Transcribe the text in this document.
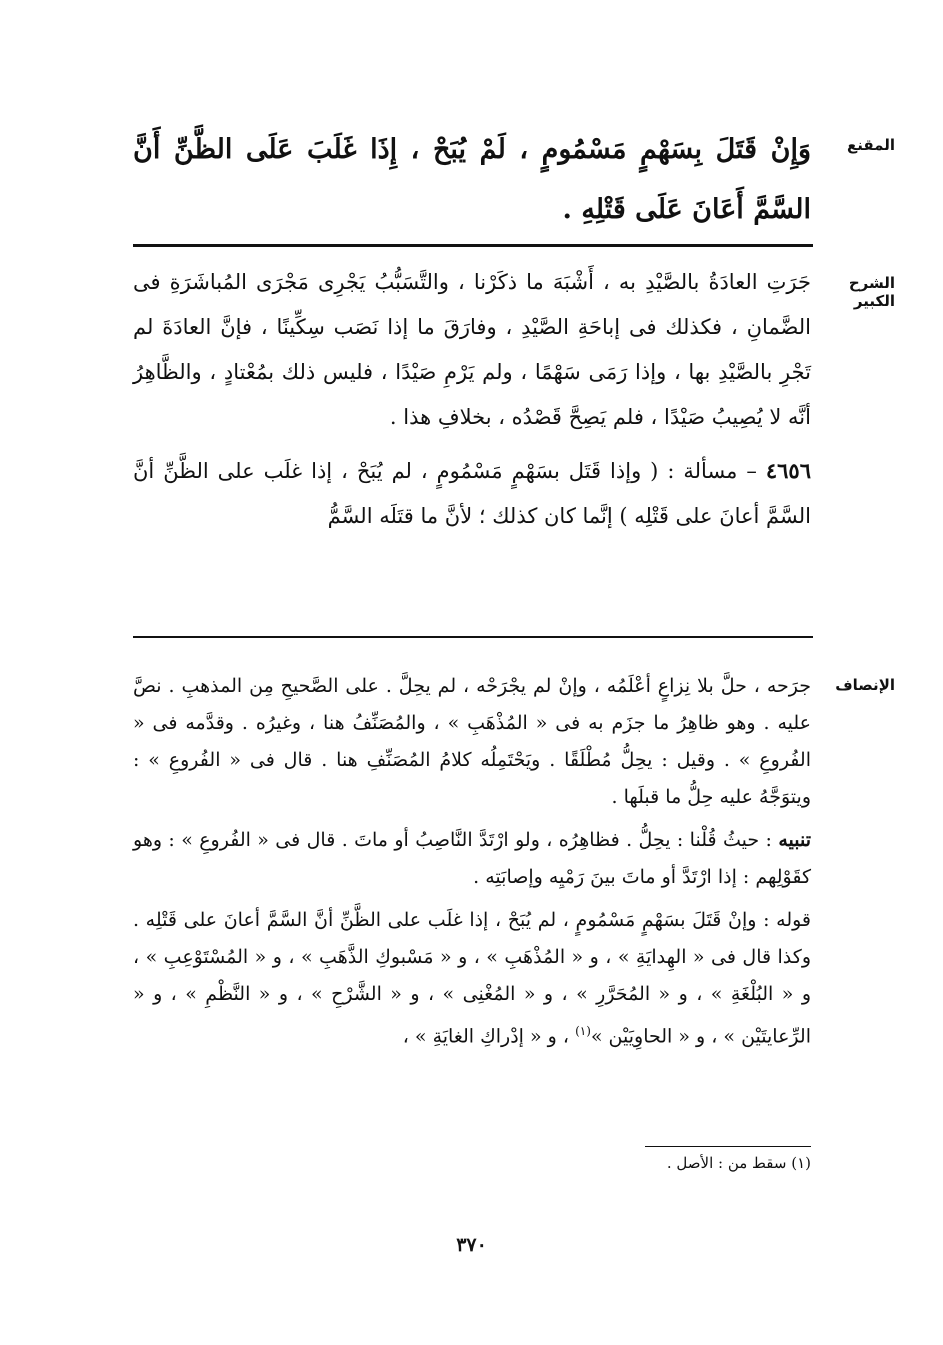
المقنع

وَإِنْ قَتَلَ بِسَهْمٍ مَسْمُومٍ ، لَمْ يُبَحْ ، إِذَا غَلَبَ عَلَى الظَّنِّ أَنَّ السَّمَّ أَعَانَ عَلَى قَتْلِهِ .

الشرح الكبير

جَرَتِ العادَةُ بالصَّيْدِ به ، أَشْبَهَ ما ذكَرْنا ، والتَّسَبُّبُ يَجْرِى مَجْرَى المُباشَرَةِ فى الضَّمانِ ، فكذلك فى إباحَةِ الصَّيْدِ ، وفارَقَ ما إذا نَصَب سِكِّينًا ، فإنَّ العادَةَ لم تَجْرِ بالصَّيْدِ بها ، وإذا رَمَى سَهْمًا ، ولم يَرْمِ صَيْدًا ، فليس ذلك بمُعْتادٍ ، والظَّاهِرُ أنَّه لا يُصِيبُ صَيْدًا ، فلم يَصِحَّ قَصْدُه ، بخلافِ هذا .

٤٦٥٦ – مسألة : ( وإذا قَتَل بسَهْمٍ مَسْمُومٍ ، لم يُبَحْ ، إذا غلَب على الظَّنِّ أنَّ السَّمَّ أعانَ على قَتْلِه ) إنَّما كان كذلك ؛ لأنَّ ما قتَلَه السَّمُّ

الإنصاف

جرَحه ، حلَّ بلا نِزاعٍ أعْلَمُه ، وإنْ لم يجْرَحْه ، لم يحِلَّ . على الصَّحيحِ مِن المذهبِ . نصَّ عليه . وهو ظاهِرُ ما جزَم به فى « المُذْهَبِ » ، والمُصَنِّفُ هنا ، وغيرُه . وقدَّمه فى « الفُروعِ » . وقيل : يحِلُّ مُطْلَقًا . ويَحْتَمِلُه كلامُ المُصَنِّفِ هنا . قال فى « الفُروعِ » : ويتوَجَّهُ عليه حِلُّ ما قبلَها .

تنبيه : حيثُ قُلْنا : يحِلُّ . فظاهِرُه ، ولو ارْتَدَّ النَّاصِبُ أو ماتَ . قال فى « الفُروعِ » : وهو كقَوْلِهم : إذا ارْتَدَّ أو ماتَ بينَ رَمْيِه وإصابَتِه .

قوله : وإنْ قَتَلَ بسَهْمٍ مَسْمُومٍ ، لم يُبَحْ ، إذا غلَب على الظَّنِّ أنَّ السَّمَّ أعانَ على قَتْلِه . وكذا قال فى « الهِدايَةِ » ، و « المُذْهَبِ » ، و « مَسْبوكِ الذَّهَبِ » ، و « المُسْتَوْعِبِ » ، و « البُلْغَةِ » ، و « المُحَرَّرِ » ، و « المُغْنِى » ، و « الشَّرْحِ » ، و « النَّظْمِ » ، و « الرِّعايتَيْن » ، و « الحاوِيَيْن »$^{(١)}$ ، و « إدْراكِ الغايَةِ » ،

(١) سقط من : الأصل .
٣٧٠
